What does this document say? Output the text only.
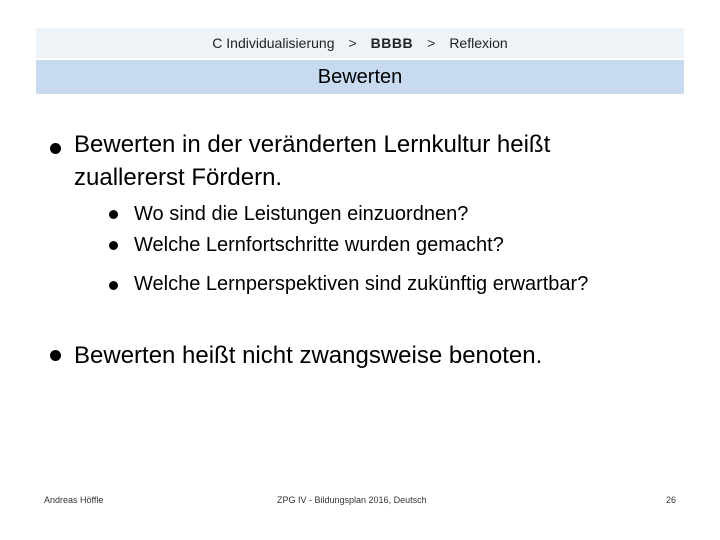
C Individualisierung > BBBB > Reflexion
Bewerten
Bewerten in der veränderten Lernkultur heißt
zuallererst Fördern.
Wo sind die Leistungen einzuordnen?
Welche Lernfortschritte wurden gemacht?
Welche Lernperspektiven sind zukünftig erwartbar?
Bewerten heißt nicht zwangsweise benoten.
Andreas Höffle	ZPG IV - Bildungsplan 2016, Deutsch	26
